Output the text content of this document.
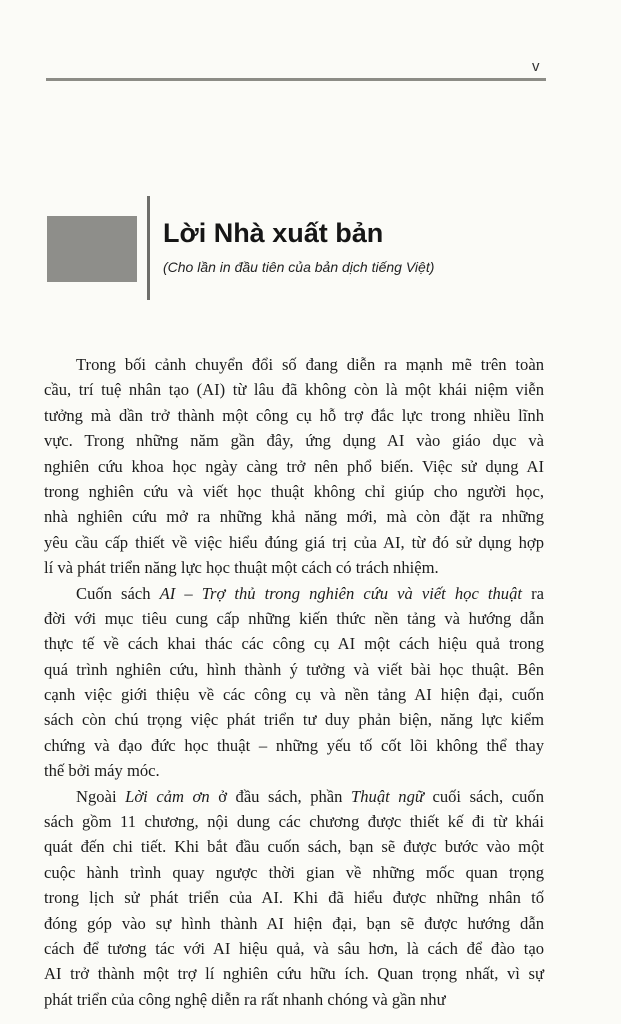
v
Lời Nhà xuất bản
(Cho lần in đầu tiên của bản dịch tiếng Việt)
Trong bối cảnh chuyển đổi số đang diễn ra mạnh mẽ trên toàn
cầu, trí tuệ nhân tạo (AI) từ lâu đã không còn là một khái niệm viễn
tưởng mà dần trở thành một công cụ hỗ trợ đắc lực trong nhiều lĩnh
vực. Trong những năm gần đây, ứng dụng AI vào giáo dục và
nghiên cứu khoa học ngày càng trở nên phổ biến. Việc sử dụng AI
trong nghiên cứu và viết học thuật không chỉ giúp cho người học,
nhà nghiên cứu mở ra những khả năng mới, mà còn đặt ra những
yêu cầu cấp thiết về việc hiểu đúng giá trị của AI, từ đó sử dụng hợp
lí và phát triển năng lực học thuật một cách có trách nhiệm.
Cuốn sách AI – Trợ thủ trong nghiên cứu và viết học thuật ra
đời với mục tiêu cung cấp những kiến thức nền tảng và hướng dẫn
thực tế về cách khai thác các công cụ AI một cách hiệu quả trong
quá trình nghiên cứu, hình thành ý tưởng và viết bài học thuật. Bên
cạnh việc giới thiệu về các công cụ và nền tảng AI hiện đại, cuốn
sách còn chú trọng việc phát triển tư duy phản biện, năng lực kiểm
chứng và đạo đức học thuật – những yếu tố cốt lõi không thể thay
thế bởi máy móc.
Ngoài Lời cảm ơn ở đầu sách, phần Thuật ngữ cuối sách, cuốn
sách gồm 11 chương, nội dung các chương được thiết kế đi từ khái
quát đến chi tiết. Khi bắt đầu cuốn sách, bạn sẽ được bước vào một
cuộc hành trình quay ngược thời gian về những mốc quan trọng
trong lịch sử phát triển của AI. Khi đã hiểu được những nhân tố
đóng góp vào sự hình thành AI hiện đại, bạn sẽ được hướng dẫn
cách để tương tác với AI hiệu quả, và sâu hơn, là cách để đào tạo
AI trở thành một trợ lí nghiên cứu hữu ích. Quan trọng nhất, vì sự
phát triển của công nghệ diễn ra rất nhanh chóng và gần như
